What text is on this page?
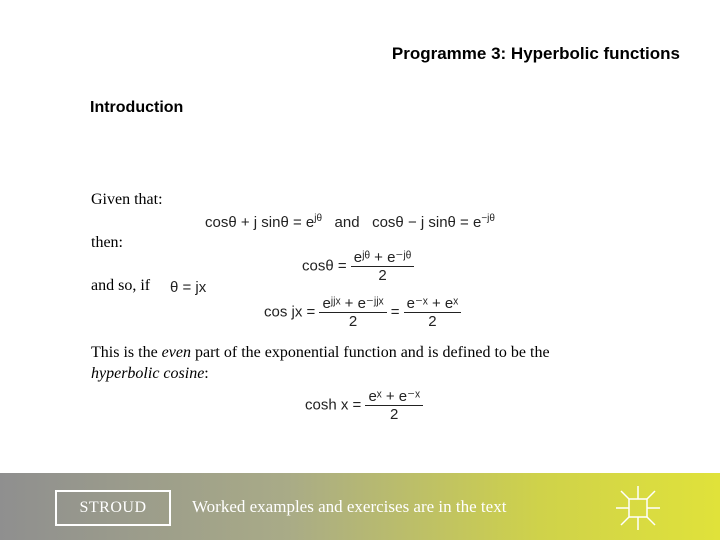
Programme 3: Hyperbolic functions
Introduction
Given that:
cosθ + j $\sin\theta = e^{j\theta}$ and cosθ − j $\sin\theta = e^{-j\theta}$
then:
$\cos\theta = \frac{\text{eʲᶿ + e⁻ʲᶿ}}{2}$
and so, if θ = jx
cos jx = $\frac{\text{eʲʲˣ + e⁻ʲʲˣ}}{2} = \frac{\text{e⁻ˣ + eˣ}}{2}$
This is the even part of the exponential function and is defined to be the
hyperbolic cosine:
$\cosh x = \frac{\text{eˣ + e⁻ˣ}}{2}$
STROUD	Worked examples and exercises are in the text
